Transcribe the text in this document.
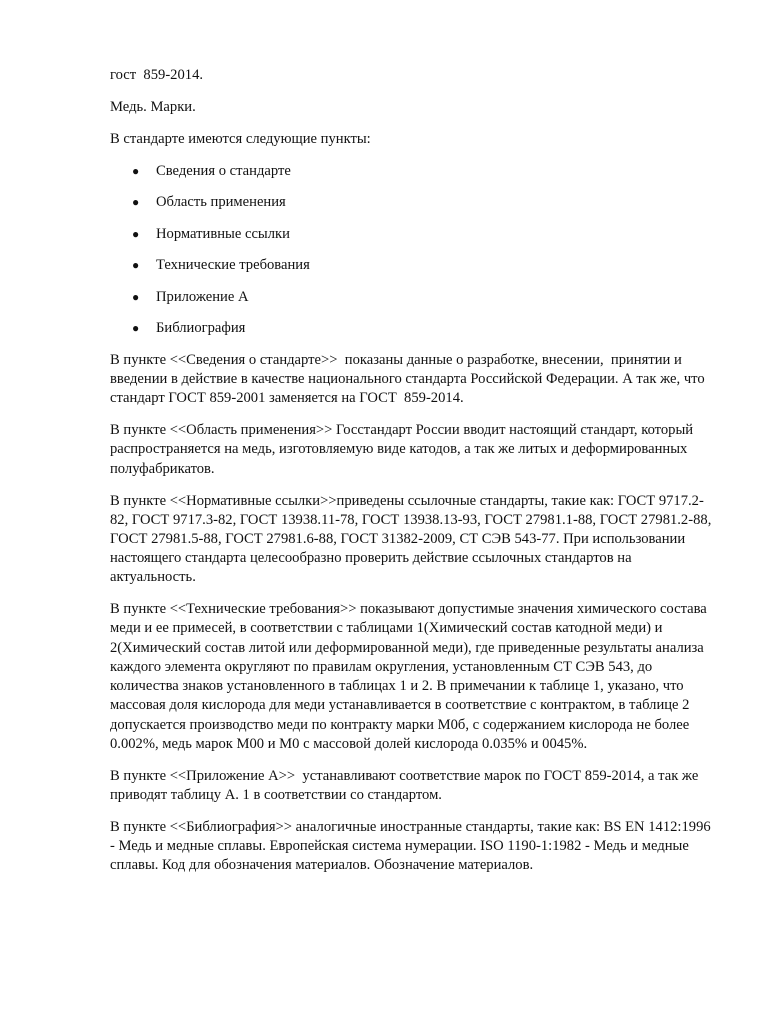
гост  859-2014.

Медь. Марки.

В стандарте имеются следующие пункты:

● Сведения о стандарте
● Область применения
● Нормативные ссылки
● Технические требования
● Приложение А
● Библиография

В пункте <<Сведения о стандарте>>  показаны данные о разработке, внесении,  принятии и введении в действие в качестве национального стандарта Российской Федерации. А так же, что стандарт ГОСТ 859-2001 заменяется на ГОСТ  859-2014.

В пункте <<Область применения>> Госстандарт России вводит настоящий стандарт, который распространяется на медь, изготовляемую виде катодов, а так же литых и деформированных полуфабрикатов.

В пункте <<Нормативные ссылки>>приведены ссылочные стандарты, такие как: ГОСТ 9717.2-82, ГОСТ 9717.3-82, ГОСТ 13938.11-78, ГОСТ 13938.13-93, ГОСТ 27981.1-88, ГОСТ 27981.2-88, ГОСТ 27981.5-88, ГОСТ 27981.6-88, ГОСТ 31382-2009, СТ СЭВ 543-77. При использовании настоящего стандарта целесообразно проверить действие ссылочных стандартов на актуальность.

В пункте <<Технические требования>> показывают допустимые значения химического состава меди и ее примесей, в соответствии с таблицами 1(Химический состав катодной меди) и 2(Химический состав литой или деформированной меди), где приведенные результаты анализа каждого элемента округляют по правилам округления, установленным СТ СЭВ 543, до количества знаков установленного в таблицах 1 и 2. В примечании к таблице 1, указано, что массовая доля кислорода для меди устанавливается в соответствие с контрактом, в таблице 2 допускается производство меди по контракту марки М0б, с содержанием кислорода не более 0.002%, медь марок М00 и М0 с массовой долей кислорода 0.035% и 0045%.

В пункте <<Приложение А>>  устанавливают соответствие марок по ГОСТ 859-2014, а так же приводят таблицу А. 1 в соответствии со стандартом.

В пункте <<Библиография>> аналогичные иностранные стандарты, такие как: BS EN 1412:1996 - Медь и медные сплавы. Европейская система нумерации. ISO 1190-1:1982 - Медь и медные сплавы. Код для обозначения материалов. Обозначение материалов.
